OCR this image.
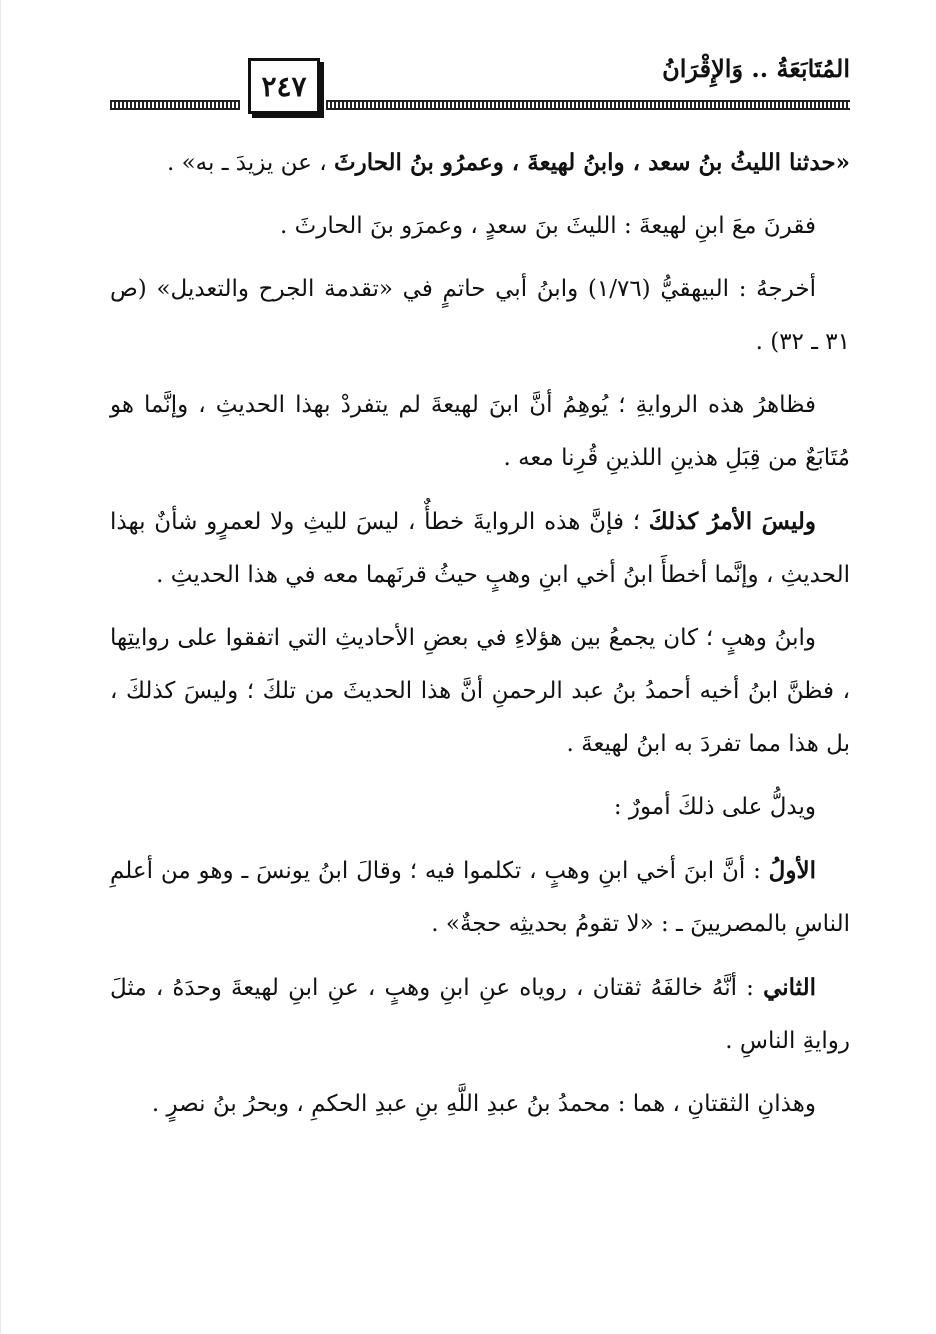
المُتَابَعَةُ .. وَالإِقْرَانُ
٢٤٧

«حدثنا الليثُ بنُ سعد ، وابنُ لهيعةَ ، وعمرُو بنُ الحارثَ ، عن يزيدَ ـ به» .

فقرنَ معَ ابنِ لهيعةَ : الليثَ بنَ سعدٍ ، وعمرَو بنَ الحارثَ .

أخرجهُ : البيهقيُّ (١/٧٦) وابنُ أبي حاتمٍ في «تقدمة الجرح والتعديل» (ص ٣١ ـ ٣٢) .

فظاهرُ هذه الروايةِ ؛ يُوهِمُ أنَّ ابنَ لهيعةَ لم يتفردْ بهذا الحديثِ ، وإنَّما هو مُتَابَعٌ من قِبَلِ هذينِ اللذينِ قُرِنا معه .

وليسَ الأمرُ كذلكَ ؛ فإنَّ هذه الروايةَ خطأٌ ، ليسَ لليثِ ولا لعمرٍو شأنٌ بهذا الحديثِ ، وإنَّما أخطأَ ابنُ أخي ابنِ وهبٍ حيثُ قرنَهما معه في هذا الحديثِ .

وابنُ وهبٍ ؛ كان يجمعُ بين هؤلاءِ في بعضِ الأحاديثِ التي اتفقوا على روايتِها ، فظنَّ ابنُ أخيه أحمدُ بنُ عبد الرحمنِ أنَّ هذا الحديثَ من تلكَ ؛ وليسَ كذلكَ ، بل هذا مما تفردَ به ابنُ لهيعةَ .

ويدلُّ على ذلكَ أمورٌ :

الأولُ : أنَّ ابنَ أخي ابنِ وهبٍ ، تكلموا فيه ؛ وقالَ ابنُ يونسَ ـ وهو من أعلمِ الناسِ بالمصريينَ ـ : «لا تقومُ بحديثِه حجةٌ» .

الثاني : أنَّهُ خالفَهُ ثقتان ، روياه عنِ ابنِ وهبٍ ، عنِ ابنِ لهيعةَ وحدَهُ ، مثلَ روايةِ الناسِ .

وهذانِ الثقتانِ ، هما : محمدُ بنُ عبدِ اللَّهِ بنِ عبدِ الحكمِ ، وبحرُ بنُ نصرٍ .
